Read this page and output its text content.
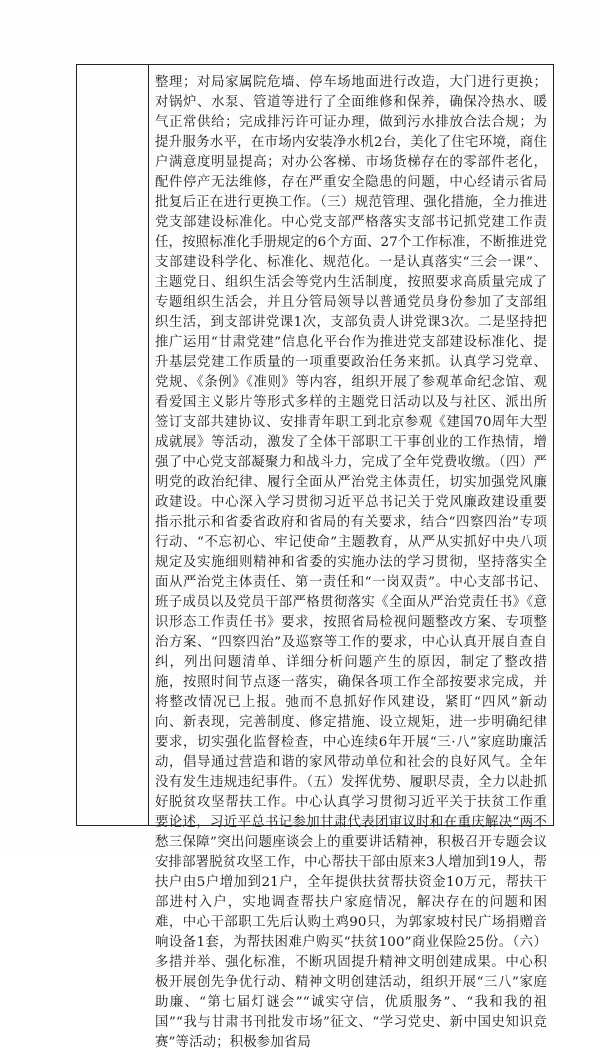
整理；对局家属院危墙、停车场地面进行改造，大门进行更换；对锅炉、水泵、管道等进行了全面维修和保养，确保冷热水、暖气正常供给；完成排污许可证办理，做到污水排放合法合规；为提升服务水平，在市场内安装净水机2台，美化了住宅环境，商住户满意度明显提高；对办公客梯、市场货梯存在的零部件老化，配件停产无法维修，存在严重安全隐患的问题，中心经请示省局批复后正在进行更换工作。（三）规范管理、强化措施，全力推进党支部建设标准化。中心党支部严格落实支部书记抓党建工作责任，按照标准化手册规定的6个方面、27个工作标准，不断推进党支部建设科学化、标准化、规范化。一是认真落实“三会一课”、主题党日、组织生活会等党内生活制度，按照要求高质量完成了专题组织生活会，并且分管局领导以普通党员身份参加了支部组织生活，到支部讲党课1次，支部负责人讲党课3次。二是坚持把推广运用“甘肃党建”信息化平台作为推进党支部建设标准化、提升基层党建工作质量的一项重要政治任务来抓。认真学习党章、党规、《条例》《准则》等内容，组织开展了参观革命纪念馆、观看爱国主义影片等形式多样的主题党日活动以及与社区、派出所签订支部共建协议、安排青年职工到北京参观《建国70周年大型成就展》等活动，激发了全体干部职工干事创业的工作热情，增强了中心党支部凝聚力和战斗力，完成了全年党费收缴。（四）严明党的政治纪律、履行全面从严治党主体责任，切实加强党风廉政建设。中心深入学习贯彻习近平总书记关于党风廉政建设重要指示批示和省委省政府和省局的有关要求，结合“四察四治”专项行动、“不忘初心、牢记使命”主题教育，从严从实抓好中央八项规定及实施细则精神和省委的实施办法的学习贯彻，坚持落实全面从严治党主体责任、第一责任和“一岗双责”。中心支部书记、班子成员以及党员干部严格贯彻落实《全面从严治党责任书》《意识形态工作责任书》要求，按照省局检视问题整改方案、专项整治方案、“四察四治”及巡察等工作的要求，中心认真开展自查自纠，列出问题清单、详细分析问题产生的原因，制定了整改措施，按照时间节点逐一落实，确保各项工作全部按要求完成，并将整改情况已上报。弛而不息抓好作风建设，紧盯“四风”新动向、新表现，完善制度、修定措施、设立规矩，进一步明确纪律要求，切实强化监督检查，中心连续6年开展“三·八”家庭助廉活动，倡导通过营造和谐的家风带动单位和社会的良好风气。全年没有发生违规违纪事件。（五）发挥优势、履职尽责，全力以赴抓好脱贫攻坚帮扶工作。中心认真学习贯彻习近平关于扶贫工作重要论述，习近平总书记参加甘肃代表团审议时和在重庆解决“两不愁三保障”突出问题座谈会上的重要讲话精神，积极召开专题会议安排部署脱贫攻坚工作，中心帮扶干部由原来3人增加到19人，帮扶户由5户增加到21户，全年提供扶贫帮扶资金10万元，帮扶干部进村入户，实地调查帮扶户家庭情况，解决存在的问题和困难，中心干部职工先后认购土鸡90只，为郭家坡村民广场捐赠音响设备1套，为帮扶困难户购买“扶贫100”商业保险25份。（六）多措并举、强化标准，不断巩固提升精神文明创建成果。中心积极开展创先争优行动、精神文明创建活动，组织开展“三八”家庭助廉、“第七届灯谜会”“诚实守信，优质服务”、“我和我的祖国”“我与甘肃书刊批发市场”征文、“学习党史、新中国史知识竞赛”等活动；积极参加省局
